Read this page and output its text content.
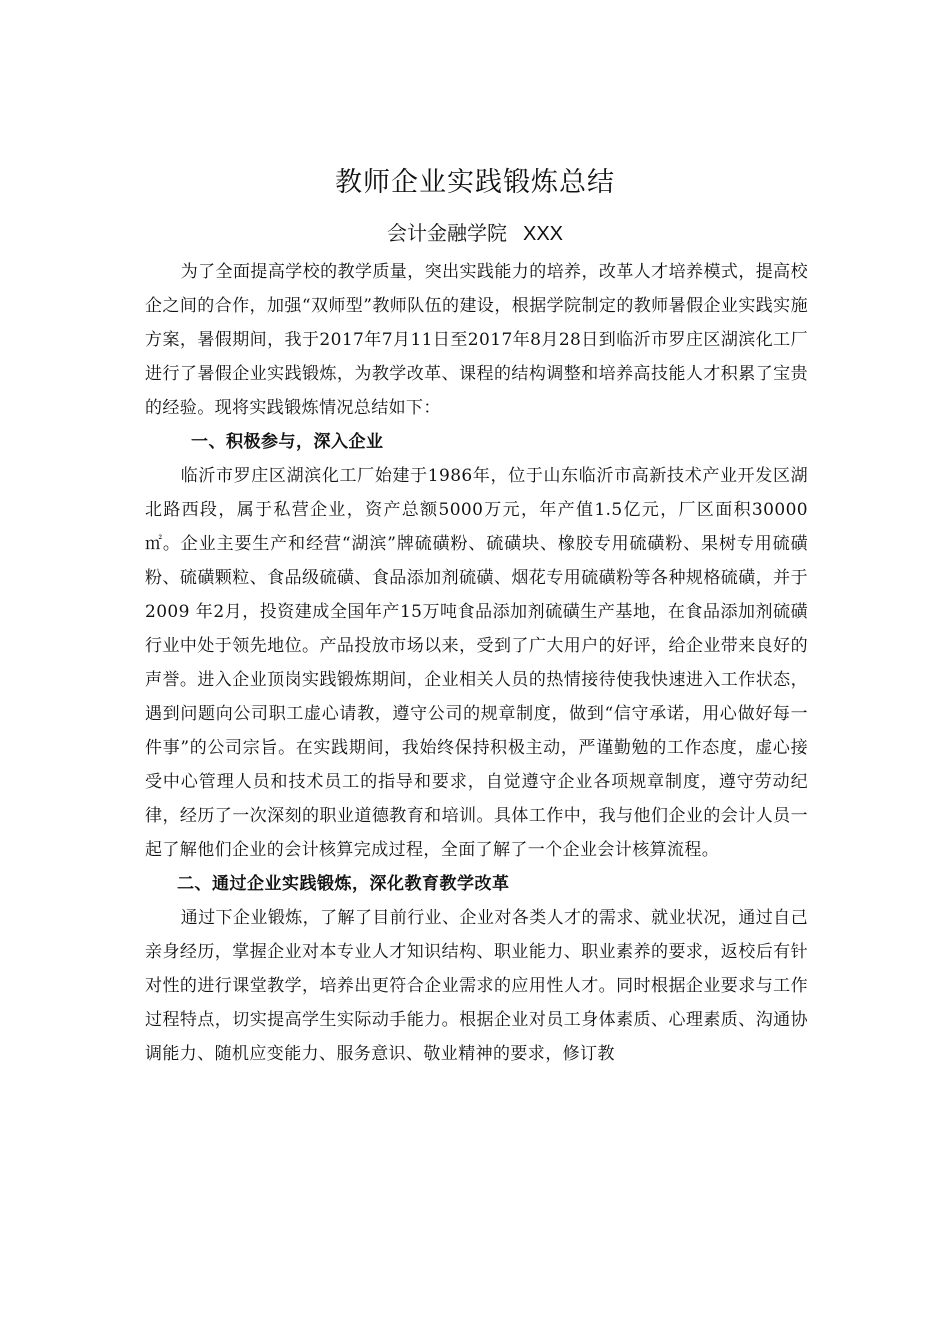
教师企业实践锻炼总结
会计金融学院 XXX

为了全面提高学校的教学质量，突出实践能力的培养，改革人才培养模式，提高校企之间的合作，加强“双师型”教师队伍的建设，根据学院制定的教师暑假企业实践实施方案，暑假期间，我于2017年7月11日至2017年8月28日到临沂市罗庄区湖滨化工厂进行了暑假企业实践锻炼，为教学改革、课程的结构调整和培养高技能人才积累了宝贵的经验。现将实践锻炼情况总结如下：

一、积极参与，深入企业

临沂市罗庄区湖滨化工厂始建于1986年，位于山东临沂市高新技术产业开发区湖北路西段，属于私营企业，资产总额5000万元，年产值1.5亿元，厂区面积30000㎡。企业主要生产和经营“湖滨”牌硫磺粉、硫磺块、橡胶专用硫磺粉、果树专用硫磺粉、硫磺颗粒、食品级硫磺、食品添加剂硫磺、烟花专用硫磺粉等各种规格硫磺，并于2009 年2月，投资建成全国年产15万吨食品添加剂硫磺生产基地，在食品添加剂硫磺行业中处于领先地位。产品投放市场以来，受到了广大用户的好评，给企业带来良好的声誉。进入企业顶岗实践锻炼期间，企业相关人员的热情接待使我快速进入工作状态，遇到问题向公司职工虚心请教，遵守公司的规章制度，做到“信守承诺，用心做好每一件事”的公司宗旨。在实践期间，我始终保持积极主动，严谨勤勉的工作态度，虚心接受中心管理人员和技术员工的指导和要求，自觉遵守企业各项规章制度，遵守劳动纪律，经历了一次深刻的职业道德教育和培训。具体工作中，我与他们企业的会计人员一起了解他们企业的会计核算完成过程，全面了解了一个企业会计核算流程。

二、通过企业实践锻炼，深化教育教学改革

通过下企业锻炼，了解了目前行业、企业对各类人才的需求、就业状况，通过自己亲身经历，掌握企业对本专业人才知识结构、职业能力、职业素养的要求，返校后有针对性的进行课堂教学，培养出更符合企业需求的应用性人才。同时根据企业要求与工作过程特点，切实提高学生实际动手能力。根据企业对员工身体素质、心理素质、沟通协调能力、随机应变能力、服务意识、敬业精神的要求，修订教
